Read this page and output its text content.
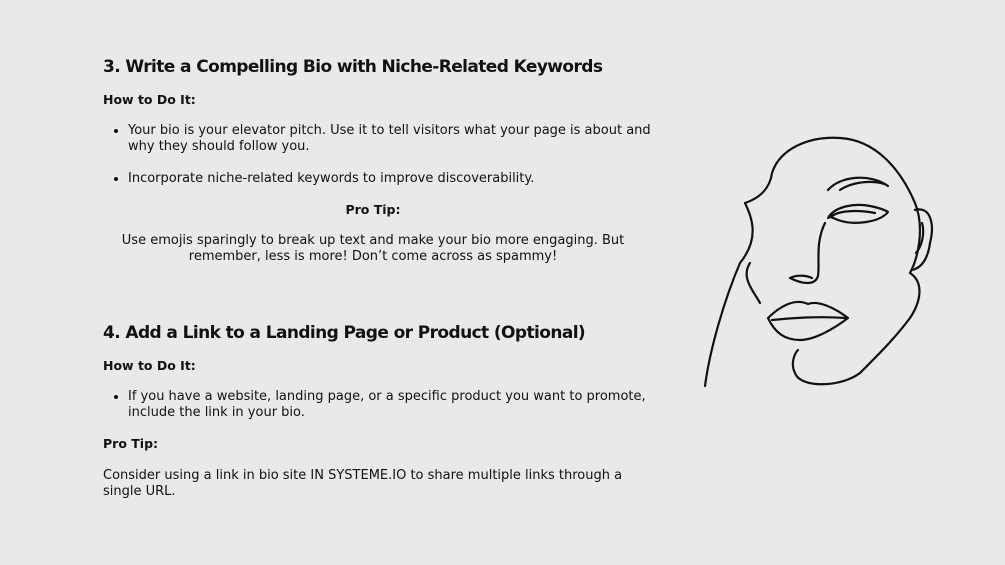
3. Write a Compelling Bio with Niche-Related Keywords

How to Do It:

• Your bio is your elevator pitch. Use it to tell visitors what your page is about and why they should follow you.
• Incorporate niche-related keywords to improve discoverability.

Pro Tip:

Use emojis sparingly to break up text and make your bio more engaging. But remember, less is more! Don’t come across as spammy!

4. Add a Link to a Landing Page or Product (Optional)

How to Do It:

• If you have a website, landing page, or a specific product you want to promote, include the link in your bio.

Pro Tip:

Consider using a link in bio site IN SYSTEME.IO to share multiple links through a single URL.
